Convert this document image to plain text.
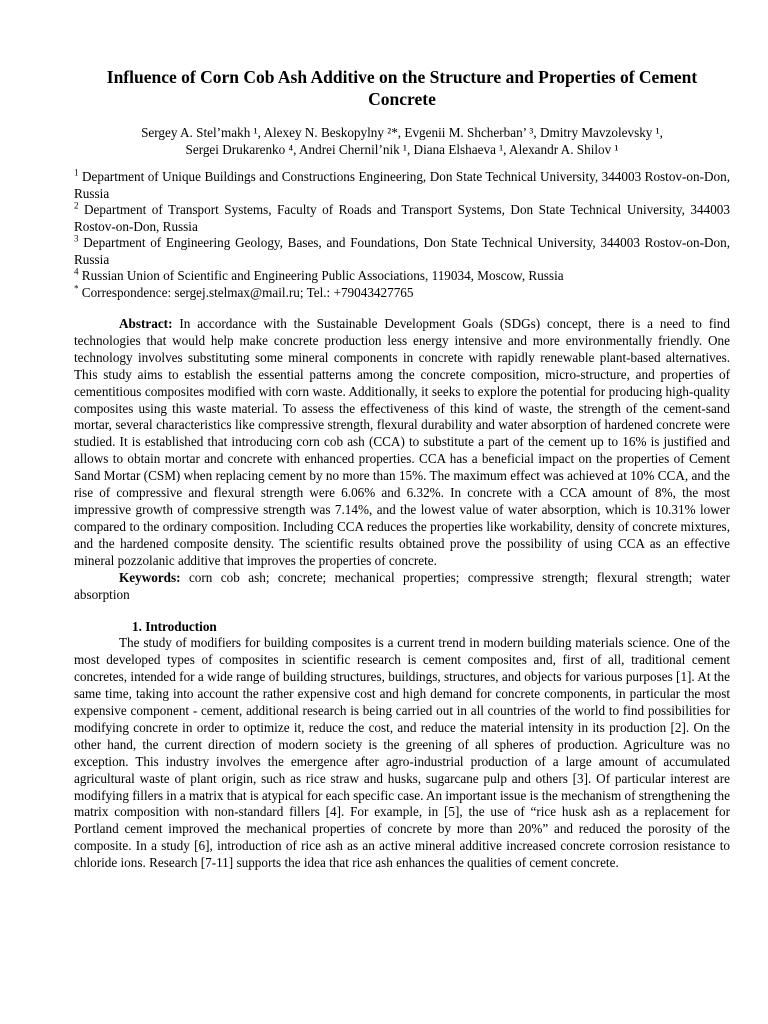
Influence of Corn Cob Ash Additive on the Structure and Properties of Cement Concrete
Sergey A. Stel’makh ¹, Alexey N. Beskopylny ²*, Evgenii M. Shcherban’ ³, Dmitry Mavzolevsky ¹,
Sergei Drukarenko ⁴, Andrei Chernil’nik ¹, Diana Elshaeva ¹, Alexandr A. Shilov ¹

$^1$ Department of Unique Buildings and Constructions Engineering, Don State Technical University, 344003 Rostov-on-Don, Russia

$^2$ Department of Transport Systems, Faculty of Roads and Transport Systems, Don State Technical University, 344003 Rostov-on-Don, Russia

$^3$ Department of Engineering Geology, Bases, and Foundations, Don State Technical University, 344003 Rostov-on-Don, Russia

$^4$ Russian Union of Scientific and Engineering Public Associations, 119034, Moscow, Russia

* Correspondence: sergej.stelmax@mail.ru; Tel.: +79043427765

Abstract: In accordance with the Sustainable Development Goals (SDGs) concept, there is a need to find technologies that would help make concrete production less energy intensive and more environmentally friendly. One technology involves substituting some mineral components in concrete with rapidly renewable plant-based alternatives. This study aims to establish the essential patterns among the concrete composition, micro-structure, and properties of cementitious composites modified with corn waste. Additionally, it seeks to explore the potential for producing high-quality composites using this waste material. To assess the effectiveness of this kind of waste, the strength of the cement-sand mortar, several characteristics like compressive strength, flexural durability and water absorption of hardened concrete were studied. It is established that introducing corn cob ash (CCA) to substitute a part of the cement up to 16% is justified and allows to obtain mortar and concrete with enhanced properties. CCA has a beneficial impact on the properties of Cement Sand Mortar (CSM) when replacing cement by no more than 15%. The maximum effect was achieved at 10% CCA, and the rise of compressive and flexural strength were 6.06% and 6.32%. In concrete with a CCA amount of 8%, the most impressive growth of compressive strength was 7.14%, and the lowest value of water absorption, which is 10.31% lower compared to the ordinary composition. Including CCA reduces the properties like workability, density of concrete mixtures, and the hardened composite density. The scientific results obtained prove the possibility of using CCA as an effective mineral pozzolanic additive that improves the properties of concrete.

Keywords: corn cob ash; concrete; mechanical properties; compressive strength; flexural strength; water absorption

1. Introduction

The study of modifiers for building composites is a current trend in modern building materials science. One of the most developed types of composites in scientific research is cement composites and, first of all, traditional cement concretes, intended for a wide range of building structures, buildings, structures, and objects for various purposes [1]. At the same time, taking into account the rather expensive cost and high demand for concrete components, in particular the most expensive component - cement, additional research is being carried out in all countries of the world to find possibilities for modifying concrete in order to optimize it, reduce the cost, and reduce the material intensity in its production [2]. On the other hand, the current direction of modern society is the greening of all spheres of production. Agriculture was no exception. This industry involves the emergence after agro-industrial production of a large amount of accumulated agricultural waste of plant origin, such as rice straw and husks, sugarcane pulp and others [3]. Of particular interest are modifying fillers in a matrix that is atypical for each specific case. An important issue is the mechanism of strengthening the matrix composition with non-standard fillers [4]. For example, in [5], the use of “rice husk ash as a replacement for Portland cement improved the mechanical properties of concrete by more than 20%” and reduced the porosity of the composite. In a study [6], introduction of rice ash as an active mineral additive increased concrete corrosion resistance to chloride ions. Research [7-11] supports the idea that rice ash enhances the qualities of cement concrete.
